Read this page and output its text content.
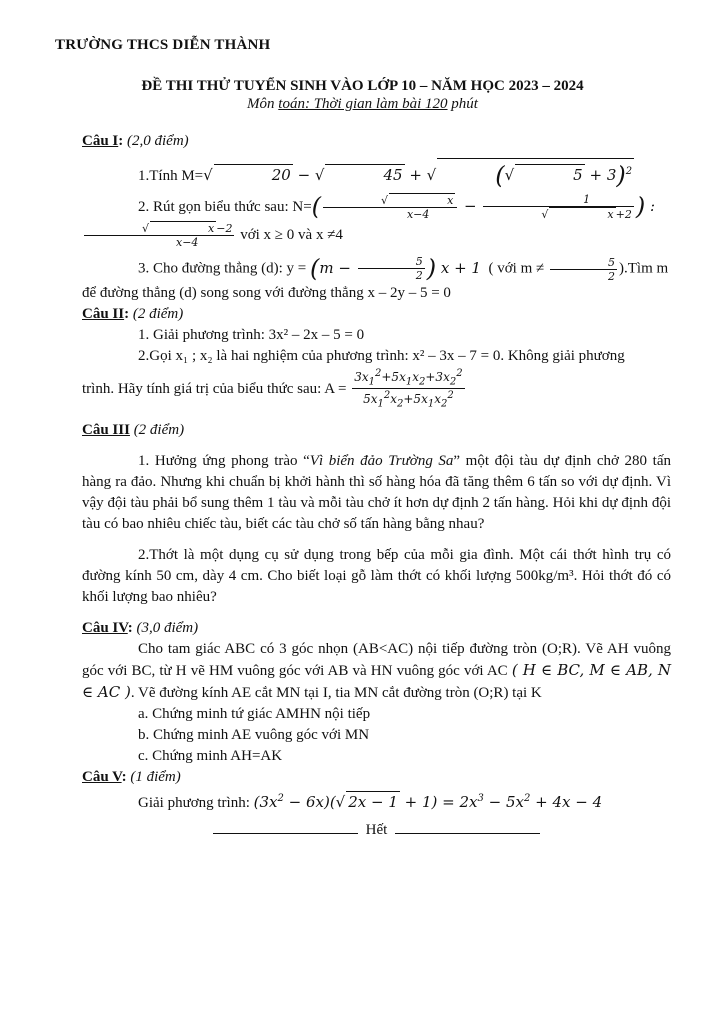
TRƯỜNG THCS DIỄN THÀNH
ĐỀ THI THỬ TUYỂN SINH VÀO LỚP 10 – NĂM HỌC 2023 – 2024
Môn toán: Thời gian làm bài 120 phút

Câu I: (2,0 điểm)

1.Tính M=√	20 − √	45 + √ (√	5 + 3)$^2$

2. Rút gọn biểu thức sau: N=( √	x
x−4 − 1
√	x +2 ) :
√	x −2
x−4 với x ≥ 0 và x ≠4

3. Cho đường thẳng (d): $y = (m - \frac{5}{2}$ ) x + 1  ( với $m \ne \frac{5}{2}$ ).Tìm m để đường thẳng (d) song song với đường thẳng x – 2y – 5 = 0

Câu II: (2 điểm)

1. Giải phương trình: 3x² – 2x – 5 = 0

2.Gọi x₁ ; x₂ là hai nghiệm của phương trình: x² – 3x – 7 = 0. Không giải phương

trình. Hãy tính giá trị của biểu thức sau: $A = \frac{3x_1^2+5x_1x_2+3x_2^2}{5x_1^2x_2+5x_1x_2^2}$

Câu III (2 điểm)

1. Hưởng ứng phong trào “Vì biển đảo Trường Sa” một đội tàu dự định chở 280 tấn hàng ra đảo. Nhưng khi chuẩn bị khởi hành thì số hàng hóa đã tăng thêm 6 tấn so với dự định. Vì vậy đội tàu phải bổ sung thêm 1 tàu và mỗi tàu chở ít hơn dự định 2 tấn hàng. Hỏi khi dự định đội tàu có bao nhiêu chiếc tàu, biết các tàu chở số tấn hàng bằng nhau?

2.Thớt là một dụng cụ sử dụng trong bếp của mỗi gia đình. Một cái thớt hình trụ có đường kính 50 cm, dày 4 cm. Cho biết loại gỗ làm thớt có khối lượng 500kg/m³. Hỏi thớt đó có khối lượng bao nhiêu?

Câu IV: (3,0 điểm)

Cho tam giác ABC có 3 góc nhọn (AB<AC) nội tiếp đường tròn (O;R). Vẽ AH vuông góc với BC, từ H vẽ HM vuông góc với AB và HN vuông góc với AC ( H ∈ BC, M ∈ AB, N ∈ AC ). Vẽ đường kính AE cắt MN tại I, tia MN cắt đường tròn (O;R) tại K

a. Chứng minh tứ giác AMHN nội tiếp

b. Chứng minh AE vuông góc với MN

c. Chứng minh AH=AK

Câu V: (1 điểm)

Giải phương trình: $(3x^2 - 6x)(√$ $2x - 1 + 1) = 2x^3 - 5x^2 + 4x - 4$

Hết
